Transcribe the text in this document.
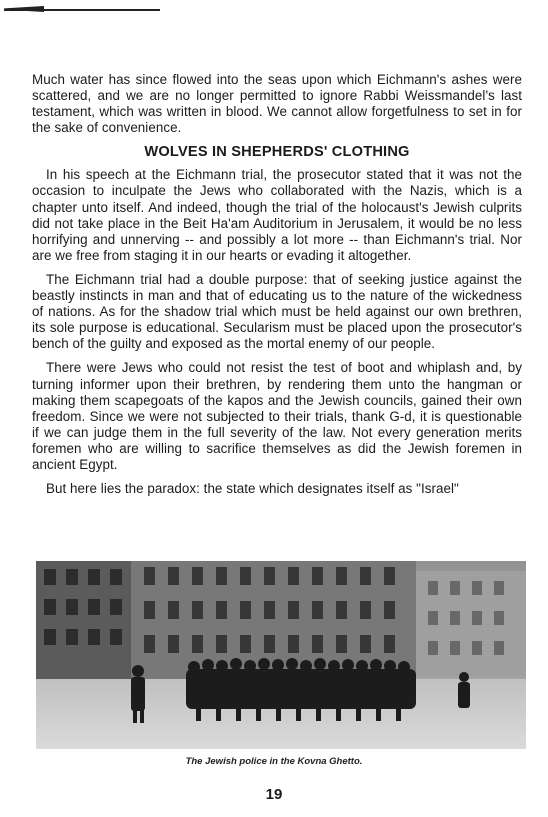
Much water has since flowed into the seas upon which Eichmann's ashes were scattered, and we are no longer permitted to ignore Rabbi Weissmandel's last testament, which was written in blood. We cannot allow forgetfulness to set in for the sake of convenience.

WOLVES IN SHEPHERDS' CLOTHING

In his speech at the Eichmann trial, the prosecutor stated that it was not the occasion to inculpate the Jews who collaborated with the Nazis, which is a chapter unto itself. And indeed, though the trial of the holocaust's Jewish culprits did not take place in the Beit Ha'am Auditorium in Jerusalem, it would be no less horrifying and unnerving -- and possibly a lot more -- than Eichmann's trial. Nor are we free from staging it in our hearts or evading it altogether.

The Eichmann trial had a double purpose: that of seeking justice against the beastly instincts in man and that of educating us to the nature of the wickedness of nations. As for the shadow trial which must be held against our own brethren, its sole purpose is educational. Secularism must be placed upon the prosecutor's bench of the guilty and exposed as the mortal enemy of our people.

There were Jews who could not resist the test of boot and whiplash and, by turning informer upon their brethren, by rendering them unto the hangman or making them scapegoats of the kapos and the Jewish councils, gained their own freedom. Since we were not subjected to their trials, thank G-d, it is questionable if we can judge them in the full severity of the law. Not every generation merits foremen who are willing to sacrifice themselves as did the Jewish foremen in ancient Egypt.

But here lies the paradox: the state which designates itself as "Israel"

The Jewish police in the Kovna Ghetto.
19
